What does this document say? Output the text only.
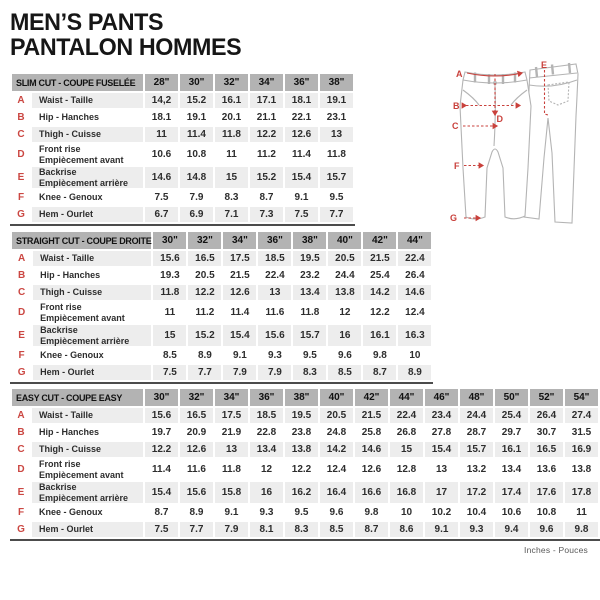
MEN’S PANTS
PANTALON HOMMES
SLIM CUT - COUPE FUSELÉE		28"	30"	32"	34"	36"	38"
A	Waist - Taille	14,2	15.2	16.1	17.1	18.1	19.1
B	Hip - Hanches	18.1	19.1	20.1	21.1	22.1	23.1
C	Thigh - Cuisse	11	11.4	11.8	12.2	12.6	13
D	Front rise
Empiècement avant	10.6	10.8	11	11.2	11.4	11.8
E	Backrise
Empiècement arrière	14.6	14.8	15	15.2	15.4	15.7
F	Knee - Genoux	7.5	7.9	8.3	8.7	9.1	9.5
G	Hem - Ourlet	6.7	6.9	7.1	7.3	7.5	7.7
STRAIGHT CUT - COUPE DROITE		30"	32"	34"	36"	38"	40"	42"	44"
A	Waist - Taille	15.6	16.5	17.5	18.5	19.5	20.5	21.5	22.4
B	Hip - Hanches	19.3	20.5	21.5	22.4	23.2	24.4	25.4	26.4
C	Thigh - Cuisse	11.8	12.2	12.6	13	13.4	13.8	14.2	14.6
D	Front rise
Empiècement avant	11	11.2	11.4	11.6	11.8	12	12.2	12.4
E	Backrise
Empiècement arrière	15	15.2	15.4	15.6	15.7	16	16.1	16.3
F	Knee - Genoux	8.5	8.9	9.1	9.3	9.5	9.6	9.8	10
G	Hem - Ourlet	7.5	7.7	7.9	7.9	8.3	8.5	8.7	8.9
EASY CUT - COUPE EASY		30"	32"	34"	36"	38"	40"	42"	44"	46"	48"	50"	52"	54"
A	Waist - Taille	15.6	16.5	17.5	18.5	19.5	20.5	21.5	22.4	23.4	24.4	25.4	26.4	27.4
B	Hip - Hanches	19.7	20.9	21.9	22.8	23.8	24.8	25.8	26.8	27.8	28.7	29.7	30.7	31.5
C	Thigh - Cuisse	12.2	12.6	13	13.4	13.8	14.2	14.6	15	15.4	15.7	16.1	16.5	16.9
D	Front rise
Empiècement avant	11.4	11.6	11.8	12	12.2	12.4	12.6	12.8	13	13.2	13.4	13.6	13.8
E	Backrise
Empiècement arrière	15.4	15.6	15.8	16	16.2	16.4	16.6	16.8	17	17.2	17.4	17.6	17.8
F	Knee - Genoux	8.7	8.9	9.1	9.3	9.5	9.6	9.8	10	10.2	10.4	10.6	10.8	11
G	Hem - Ourlet	7.5	7.7	7.9	8.1	8.3	8.5	8.7	8.6	9.1	9.3	9.4	9.6	9.8
A
B
C
D
E
F
G
Inches - Pouces
